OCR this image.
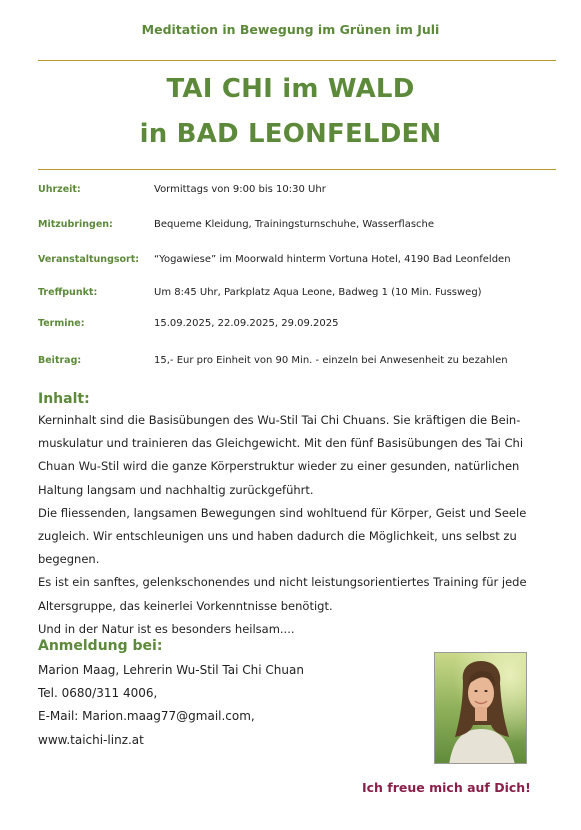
Meditation in Bewegung im Grünen im Juli
TAI CHI im WALD
in BAD LEONFELDEN
Uhrzeit:	Vormittags von 9:00 bis 10:30 Uhr
Mitzubringen:	Bequeme Kleidung, Trainingsturnschuhe, Wasserflasche
Veranstaltungsort: “Yogawiese” im Moorwald hinterm Vortuna Hotel, 4190 Bad Leonfelden
Treffpunkt:	Um 8:45 Uhr, Parkplatz Aqua Leone, Badweg 1 (10 Min. Fussweg)
Termine:	15.09.2025, 22.09.2025, 29.09.2025
Beitrag:	15,- Eur pro Einheit von 90 Min. - einzeln bei Anwesenheit zu bezahlen
Inhalt:

Kerninhalt sind die Basisübungen des Wu-Stil Tai Chi Chuans. Sie kräftigen die Bein-muskulatur und trainieren das Gleichgewicht. Mit den fünf Basisübungen des Tai Chi Chuan Wu-Stil wird die ganze Körperstruktur wieder zu einer gesunden, natürlichen Haltung langsam und nachhaltig zurückgeführt.

Die fliessenden, langsamen Bewegungen sind wohltuend für Körper, Geist und Seele zugleich. Wir entschleunigen uns und haben dadurch die Möglichkeit, uns selbst zu begegnen.

Es ist ein sanftes, gelenkschonendes und nicht leistungsorientiertes Training für jede Altersgruppe, das keinerlei Vorkenntnisse benötigt.

Und in der Natur ist es besonders heilsam....

Anmeldung bei:
Marion Maag, Lehrerin Wu-Stil Tai Chi Chuan
Tel. 0680/311 4006,
E-Mail: Marion.maag77@gmail.com,
www.taichi-linz.at
Ich freue mich auf Dich!
